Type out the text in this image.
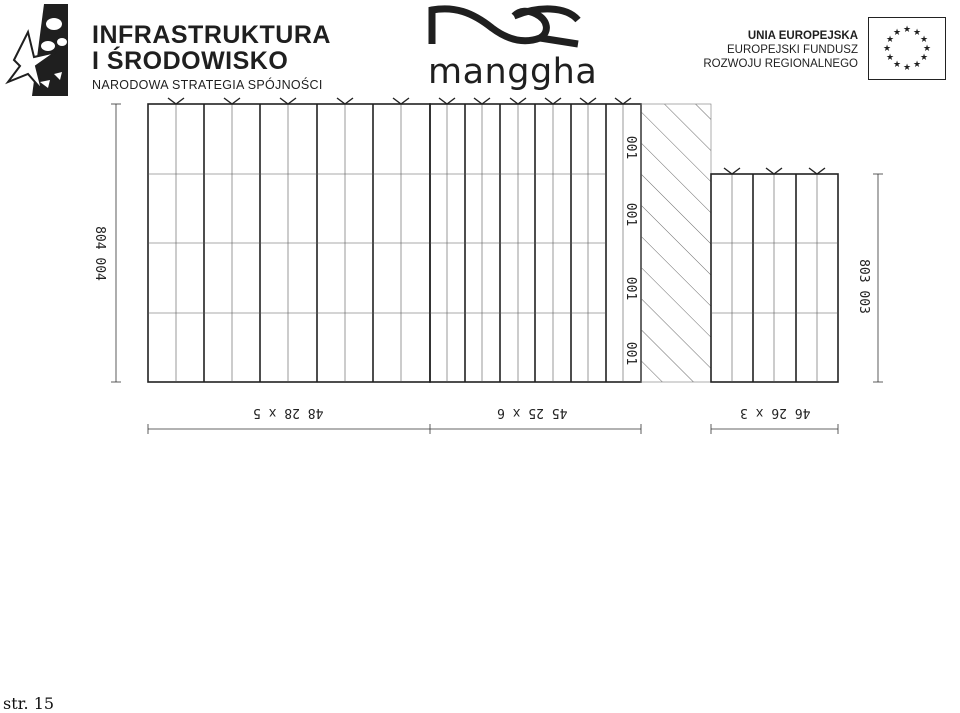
INFRASTRUKTURA
I ŚRODOWISKO
NARODOWA STRATEGIA SPÓJNOŚCI	manggha
UNIA EUROPEJSKA
EUROPEJSKI FUNDUSZ
ROZWOJU REGIONALNEGO
★ ★
★
★
★
★
★
★
★
★
★
★
804 004
803 003
001
001
001
001
48 28 x 5	45 25 x 6	46 26 x 3
str. 15
